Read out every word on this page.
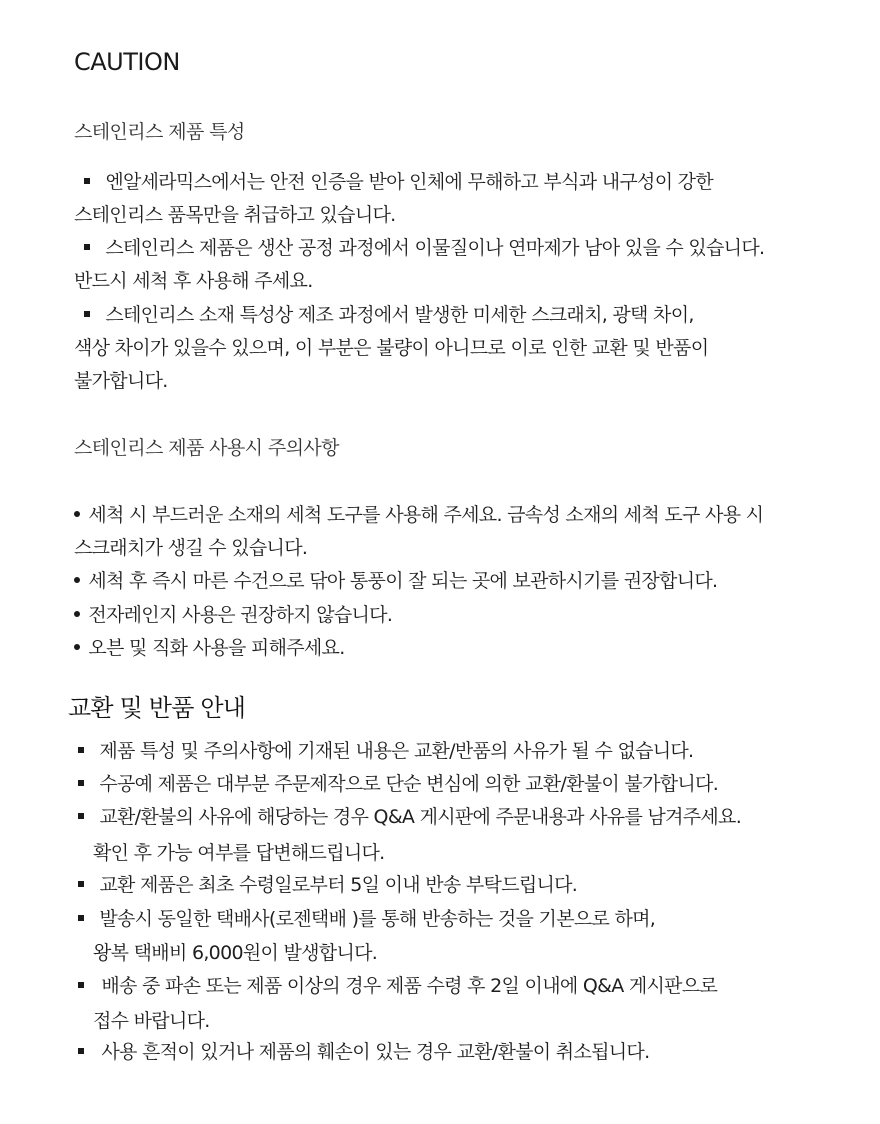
CAUTION
스테인리스 제품 특성
엔알세라믹스에서는 안전 인증을 받아 인체에 무해하고 부식과 내구성이 강한
스테인리스 품목만을 취급하고 있습니다.
스테인리스 제품은 생산 공정 과정에서 이물질이나 연마제가 남아 있을 수 있습니다.
반드시 세척 후 사용해 주세요.
스테인리스 소재 특성상 제조 과정에서 발생한 미세한 스크래치, 광택 차이,
색상 차이가 있을수 있으며, 이 부분은 불량이 아니므로 이로 인한 교환 및 반품이
불가합니다.
스테인리스 제품 사용시 주의사항
세척 시 부드러운 소재의 세척 도구를 사용해 주세요. 금속성 소재의 세척 도구 사용 시
스크래치가 생길 수 있습니다.
세척 후 즉시 마른 수건으로 닦아 통풍이 잘 되는 곳에 보관하시기를 권장합니다.
전자레인지 사용은 권장하지 않습니다.
오븐 및 직화 사용을 피해주세요.
교환 및 반품 안내
제품 특성 및 주의사항에 기재된 내용은 교환/반품의 사유가 될 수 없습니다.
수공예 제품은 대부분 주문제작으로 단순 변심에 의한 교환/환불이 불가합니다.
교환/환불의 사유에 해당하는 경우 Q&A 게시판에 주문내용과 사유를 남겨주세요.
확인 후 가능 여부를 답변해드립니다.
교환 제품은 최초 수령일로부터 5일 이내 반송 부탁드립니다.
발송시 동일한 택배사(로젠택배 )를 통해 반송하는 것을 기본으로 하며,
왕복 택배비 6,000원이 발생합니다.
배송 중 파손 또는 제품 이상의 경우 제품 수령 후 2일 이내에 Q&A 게시판으로
접수 바랍니다.
사용 흔적이 있거나 제품의 훼손이 있는 경우 교환/환불이 취소됩니다.
